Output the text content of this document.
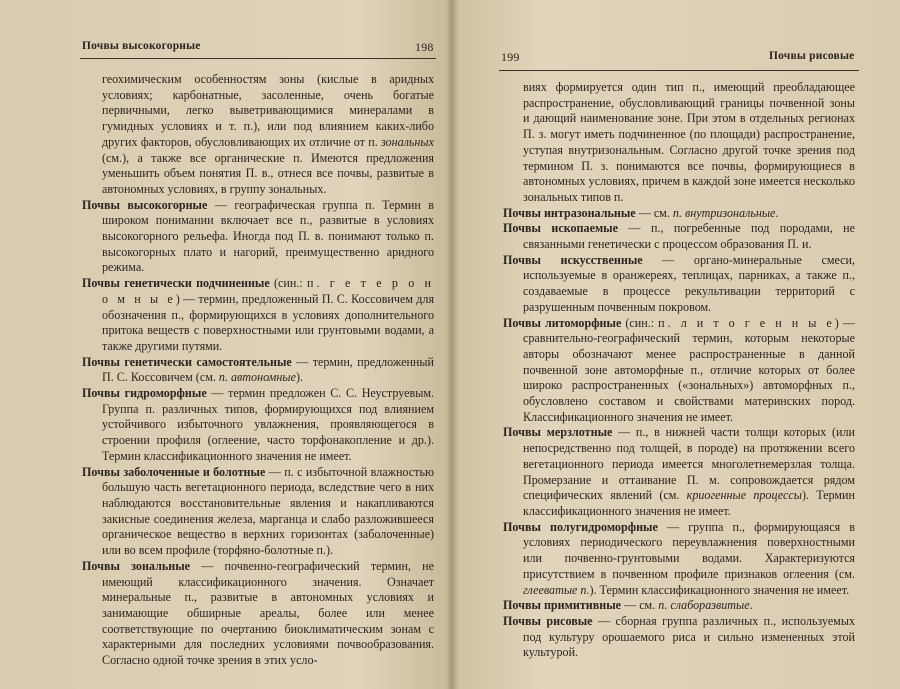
Почвы высокогорные	198

геохимическим особенностям зоны (кислые в аридных условиях; карбонатные, засоленные, очень богатые первичными, легко выветривающимися минералами в гумидных условиях и т. п.), или под влиянием каких-либо других факторов, обусловливающих их отличие от п. зональных (см.), а также все органические п. Имеются предложения уменьшить объем понятия П. в., отнеся все почвы, развитые в автономных условиях, в группу зональных.

Почвы высокогорные — географическая группа п. Термин в широком понимании включает все п., развитые в условиях высокогорного рельефа. Иногда под П. в. понимают только п. высокогорных плато и нагорий, преимущественно аридного режима.

Почвы генетически подчиненные (син.: п. г е т е р о н о м н ы е) — термин, предложенный П. С. Коссовичем для обозначения п., формирующихся в условиях дополнительного притока веществ с поверхностными или грунтовыми водами, а также другими путями.

Почвы генетически самостоятельные — термин, предложенный П. С. Коссовичем (см. п. автономные).

Почвы гидроморфные — термин предложен С. С. Неуструевым. Группа п. различных типов, формирующихся под влиянием устойчивого избыточного увлажнения, проявляющегося в строении профиля (оглеение, часто торфонакопление и др.). Термин классификационного значения не имеет.

Почвы заболоченные и болотные — п. с избыточной влажностью большую часть вегетационного периода, вследствие чего в них наблюдаются восстановительные явления и накапливаются закисные соединения железа, марганца и слабо разложившееся органическое вещество в верхних горизонтах (заболоченные) или во всем профиле (торфяно-болотные п.).

Почвы зональные — почвенно-географический термин, не имеющий классификационного значения. Означает минеральные п., развитые в автономных условиях и занимающие обширные ареалы, более или менее соответствующие по очертанию биоклиматическим зонам с характерными для последних условиями почвообразования. Согласно одной точке зрения в этих усло-

199	Почвы рисовые

виях формируется один тип п., имеющий преобладающее распространение, обусловливающий границы почвенной зоны и дающий наименование зоне. При этом в отдельных регионах П. з. могут иметь подчиненное (по площади) распространение, уступая внутризональным. Согласно другой точке зрения под термином П. з. понимаются все почвы, формирующиеся в автономных условиях, причем в каждой зоне имеется несколько зональных типов п.

Почвы интразональные — см. п. внутризональные.

Почвы ископаемые — п., погребенные под породами, не связанными генетически с процессом образования П. и.

Почвы искусственные — органо-минеральные смеси, используемые в оранжереях, теплицах, парниках, а также п., создаваемые в процессе рекультивации территорий с разрушенным почвенным покровом.

Почвы литоморфные (син.: п. л и т о г е н н ы е) — сравнительно-географический термин, которым некоторые авторы обозначают менее распространенные в данной почвенной зоне автоморфные п., отличие которых от более широко распространенных («зональных») автоморфных п., обусловлено составом и свойствами материнских пород. Классификационного значения не имеет.

Почвы мерзлотные — п., в нижней части толщи которых (или непосредственно под толщей, в породе) на протяжении всего вегетационного периода имеется многолетнемерзлая толща. Промерзание и оттаивание П. м. сопровождается рядом специфических явлений (см. криогенные процессы). Термин классификационного значения не имеет.

Почвы полугидроморфные — группа п., формирующаяся в условиях периодического переувлажнения поверхностными или почвенно-грунтовыми водами. Характеризуются присутствием в почвенном профиле признаков оглеения (см. глееватые п.). Термин классификационного значения не имеет.

Почвы примитивные — см. п. слаборазвитые.

Почвы рисовые — сборная группа различных п., используемых под культуру орошаемого риса и сильно измененных этой культурой.
